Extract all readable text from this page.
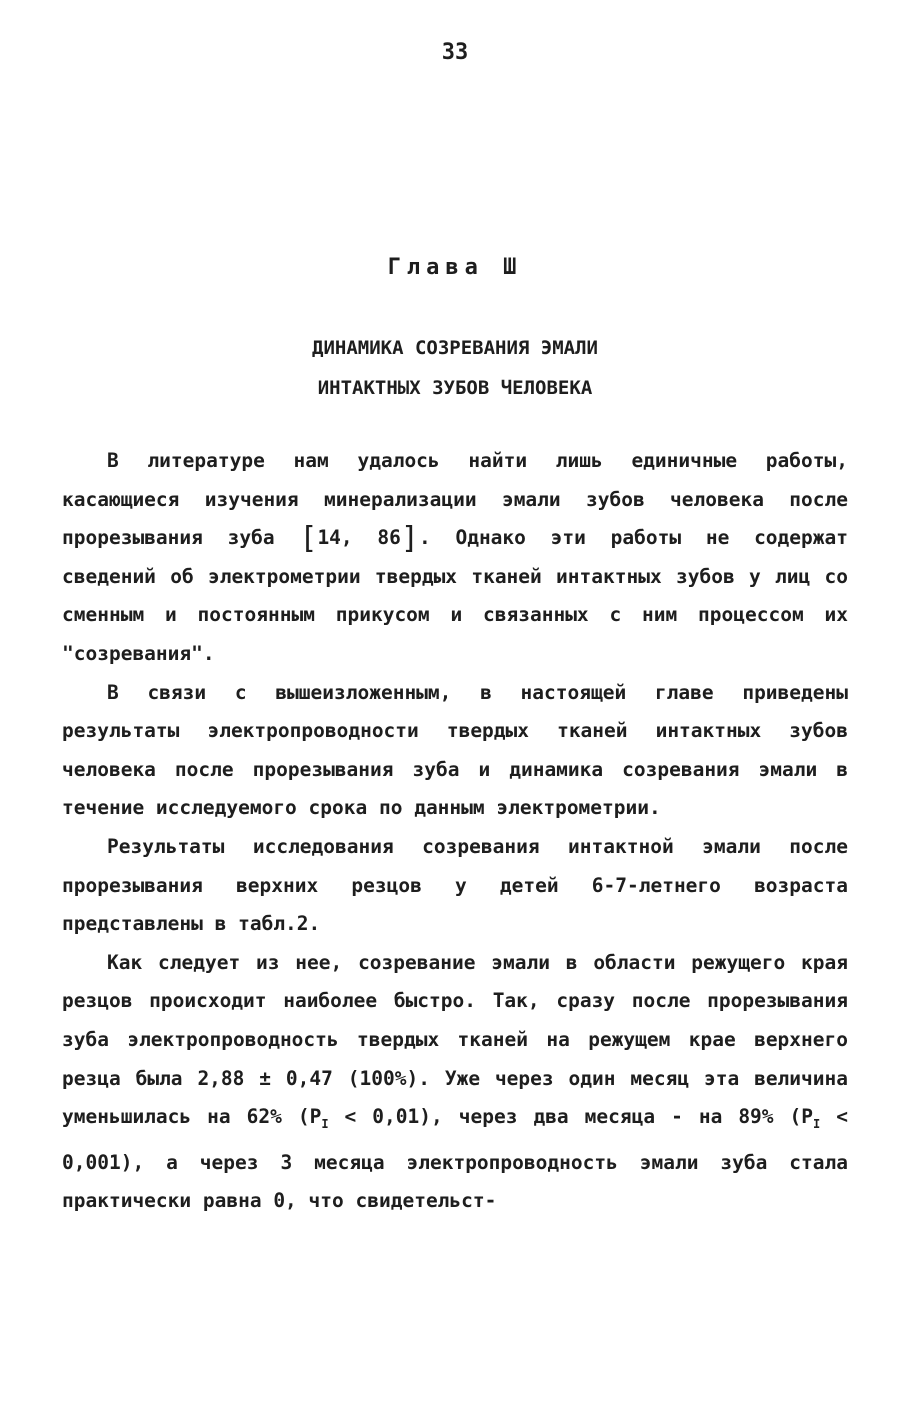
33
Глава Ш
ДИНАМИКА СОЗРЕВАНИЯ ЭМАЛИ
ИНТАКТНЫХ ЗУБОВ ЧЕЛОВЕКА

В литературе нам удалось найти лишь единичные работы, касающиеся изучения минерализации эмали зубов человека после прорезывания зуба [14, 86]. Однако эти работы не содержат сведений об электрометрии твердых тканей интактных зубов у лиц со сменным и постоянным прикусом и связанных с ним процессом их "созревания".

В связи с вышеизложенным, в настоящей главе приведены результаты электропроводности твердых тканей интактных зубов человека после прорезывания зуба и динамика созревания эмали в течение исследуемого срока по данным электрометрии.

Результаты исследования созревания интактной эмали после прорезывания верхних резцов у детей 6-7-летнего возраста представлены в табл.2.

Как следует из нее, созревание эмали в области режущего края резцов происходит наиболее быстро. Так, сразу после прорезывания зуба электропроводность твердых тканей на режущем крае верхнего резца была 2,88 ± 0,47 (100%). Уже через один месяц эта величина уменьшилась на 62% $(P_I < 0,01)$, через два месяца - на 89% $(P_I < 0,001)$, а через 3 месяца электропроводность эмали зуба стала практически равна 0, что свидетельст-
